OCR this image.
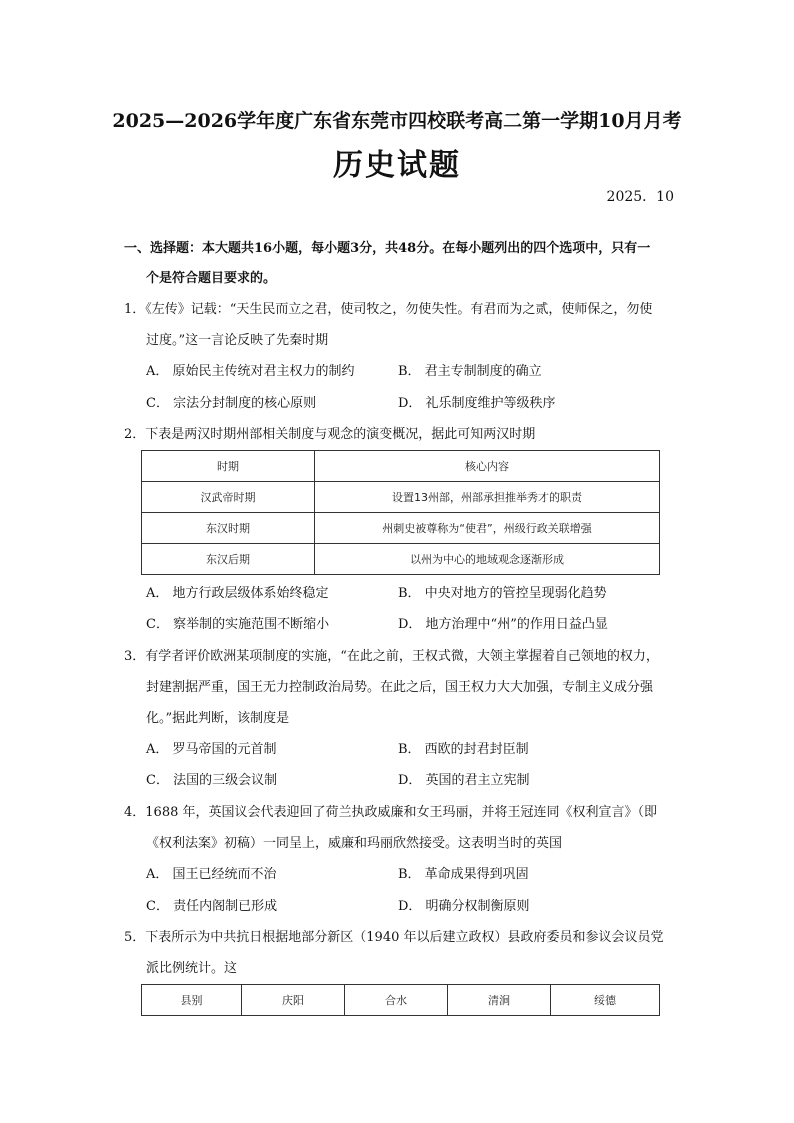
2025—2026学年度广东省东莞市四校联考高二第一学期10月月考
历史试题
2025．10
一、选择题：本大题共16小题，每小题3分，共48分。在每小题列出的四个选项中，只有一
个是符合题目要求的。
1．《左传》记载：“天生民而立之君，使司牧之，勿使失性。有君而为之贰，使师保之，勿使
过度。”这一言论反映了先秦时期
A． 原始民主传统对君主权力的制约	B． 君主专制制度的确立
C． 宗法分封制度的核心原则	D． 礼乐制度维护等级秩序
2．下表是两汉时期州部相关制度与观念的演变概况，据此可知两汉时期
时期	核心内容
汉武帝时期	设置13州部，州部承担推举秀才的职责
东汉时期	州刺史被尊称为“使君”，州级行政关联增强
东汉后期	以州为中心的地域观念逐渐形成
A． 地方行政层级体系始终稳定	B． 中央对地方的管控呈现弱化趋势
C． 察举制的实施范围不断缩小	D． 地方治理中“州”的作用日益凸显
3．有学者评价欧洲某项制度的实施，“在此之前，王权式微，大领主掌握着自己领地的权力，
封建割据严重，国王无力控制政治局势。在此之后，国王权力大大加强，专制主义成分强
化。”据此判断，该制度是
A． 罗马帝国的元首制	B． 西欧的封君封臣制
C． 法国的三级会议制	D． 英国的君主立宪制
4．1688 年，英国议会代表迎回了荷兰执政威廉和女王玛丽，并将王冠连同《权利宣言》（即
《权利法案》初稿）一同呈上，威廉和玛丽欣然接受。这表明当时的英国
A． 国王已经统而不治	B． 革命成果得到巩固
C． 责任内阁制已形成	D． 明确分权制衡原则
5．下表所示为中共抗日根据地部分新区（1940 年以后建立政权）县政府委员和参议会议员党
派比例统计。这
县别	庆阳	合水	清涧	绥德
